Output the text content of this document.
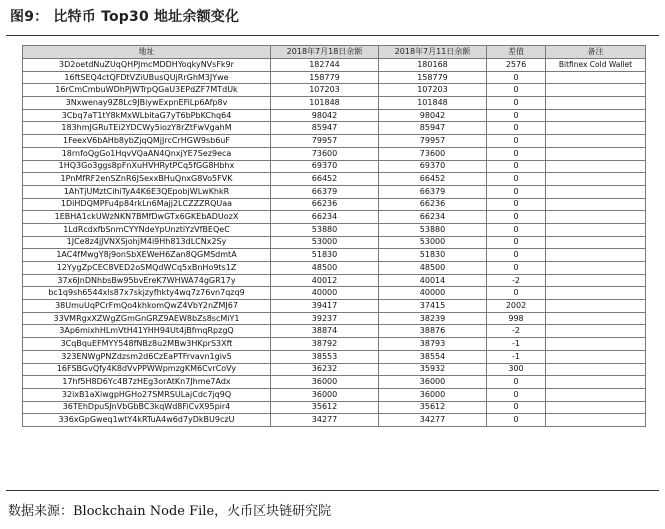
图9： 比特币 Top30 地址余额变化
地址	2018年7月18日余额	2018年7月11日余额	差值	备注
3D2oetdNuZUqQHPJmcMDDHYoqkyNVsFk9r	182744	180168	2576	Bitfinex Cold Wallet
16ftSEQ4ctQFDtVZiUBusQUjRrGhM3JYwe	158779	158779	0	
16rCmCmbuWDhPjWTrpQGaU3EPdZF7MTdUk	107203	107203	0	
3Nxwenay9Z8Lc9JBiywExpnEFiLp6Afp8v	101848	101848	0	
3Cbq7aT1tY8kMxWLbitaG7yT6bPbKChq64	98042	98042	0	
183hmJGRuTEi2YDCWy5iozY8rZtFwVgahM	85947	85947	0	
1FeexV6bAHb8ybZjqQMjJrcCrHGW9sb6uF	79957	79957	0	
18rnfoQgGo1HqvVQaAN4QnxjYE7Sez9eca	73600	73600	0	
1HQ3Go3ggs8pFnXuHVHRytPCq5fGG8Hbhx	69370	69370	0	
1PnMfRF2enSZnR6JSexxBHuQnxG8Vo5FVK	66452	66452	0	
1AhTjUMztCihiTyA4K6E3QEpobjWLwKhkR	66379	66379	0	
1DiHDQMPFu4p84rkLn6Majj2LCZZZRQUaa	66236	66236	0	
1EBHA1ckUWzNKN7BMfDwGTx6GKEbADUozX	66234	66234	0	
1LdRcdxfbSnmCYYNdeYpUnztiYzVfBEQeC	53880	53880	0	
1JCe8z4jJVNXSjohjM4i9Hh813dLCNx2Sy	53000	53000	0	
1AC4fMwgY8j9onSbXEWeH6Zan8QGMSdmtA	51830	51830	0	
12YygZpCEC8VED2oSMQdWCq5xBnHo9ts1Z	48500	48500	0	
37x6JnDNhbsBw95bvEreK7WHWA74gGR17y	40012	40014	-2	
bc1q9sh6544xls87x7skjzyfhkty4wq7z76vn7qzq9	40000	40000	0	
38UmuUqPCrFmQo4khkomQwZ4VbY2nZMJ67	39417	37415	2002	
33VMRgxXZWgZGmGnGRZ9AEW8bZs8scMiY1	39237	38239	998	
3Ap6mixhHLmVtH41YHH94Ut4jBfmqRpzgQ	38874	38876	-2	
3CqBquEFMYY548fNBz8u2MBw3HKprS3Xft	38792	38793	-1	
323ENWgPNZdzsm2d6CzEaPTFrvavn1giv5	38553	38554	-1	
16FSBGvQfy4K8dVvPPWWpmzgKM6CvrCoVy	36232	35932	300	
17hf5H8D6Yc4B7zHEg3orAtKn7Jhme7Adx	36000	36000	0	
32ixB1aXiwgpHGHo27SMRSULajCdc7jq9Q	36000	36000	0	
36TEhDpuSJnVbGbBC3kqWd8FiCvX95pir4	35612	35612	0	
336xGpGweq1wtY4kRTuA4w6d7yDkBU9czU	34277	34277	0	
数据来源：Blockchain Node File，火币区块链研究院
